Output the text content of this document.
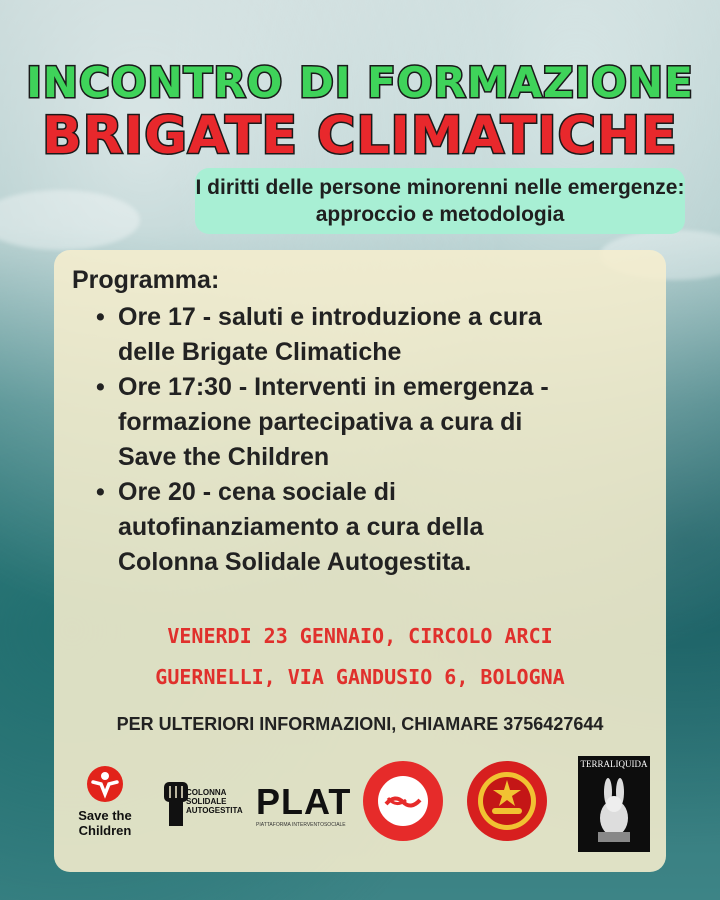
INCONTRO DI FORMAZIONE
BRIGATE CLIMATICHE
I diritti delle persone minorenni nelle emergenze:
approccio e metodologia
Programma:
• Ore 17 - saluti e introduzione a cura
delle Brigate Climatiche
• Ore 17:30 - Interventi in emergenza -
formazione partecipativa a cura di
Save the Children
• Ore 20 - cena sociale di
autofinanziamento a cura della
Colonna Solidale Autogestita.
VENERDI 23 GENNAIO, CIRCOLO ARCI
GUERNELLI, VIA GANDUSIO 6, BOLOGNA
PER ULTERIORI INFORMAZIONI, CHIAMARE 3756427644
Save the
Children
COLONNA
SOLIDALE
AUTOGESTITA PLAT
PIATTAFORMA INTERVENTOSOCIALE
TERRALIQUIDA
